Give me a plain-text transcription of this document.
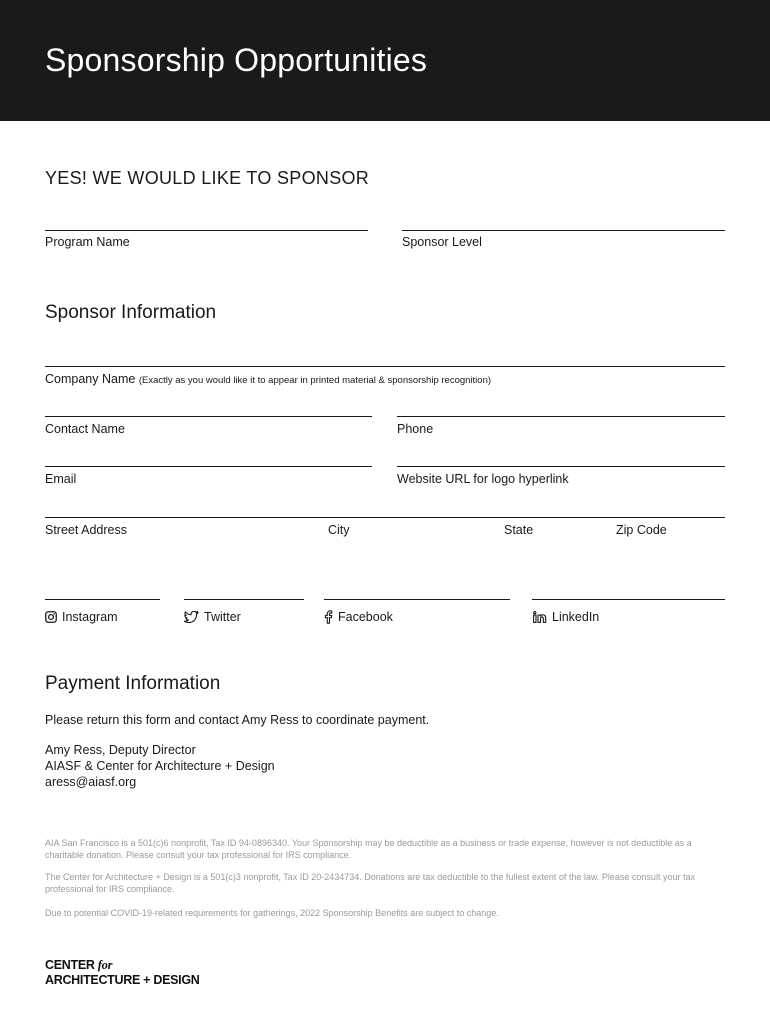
Sponsorship Opportunities
YES! WE WOULD LIKE TO SPONSOR
Program Name	Sponsor Level
Sponsor Information
Company Name (Exactly as you would like it to appear in printed material & sponsorship recognition)
Contact Name	Phone
Email	Website URL for logo hyperlink
Street Address	City	State	Zip Code
Instagram	Twitter	Facebook	LinkedIn
Payment Information
Please return this form and contact Amy Ress to coordinate payment.
Amy Ress, Deputy Director
AIASF & Center for Architecture + Design
aress@aiasf.org
AIA San Francisco is a 501(c)6 nonprofit, Tax ID 94-0896340. Your Sponsorship may be deductible as a business or trade expense, however is not deductible as a charitable donation. Please consult your tax professional for IRS compliance.
The Center for Architecture + Design is a 501(c)3 nonprofit, Tax ID 20-2434734. Donations are tax deductible to the fullest extent of the law. Please consult your tax professional for IRS compliance.
Due to potential COVID-19-related requirements for gatherings, 2022 Sponsorship Benefits are subject to change.
CENTER for
ARCHITECTURE + DESIGN
